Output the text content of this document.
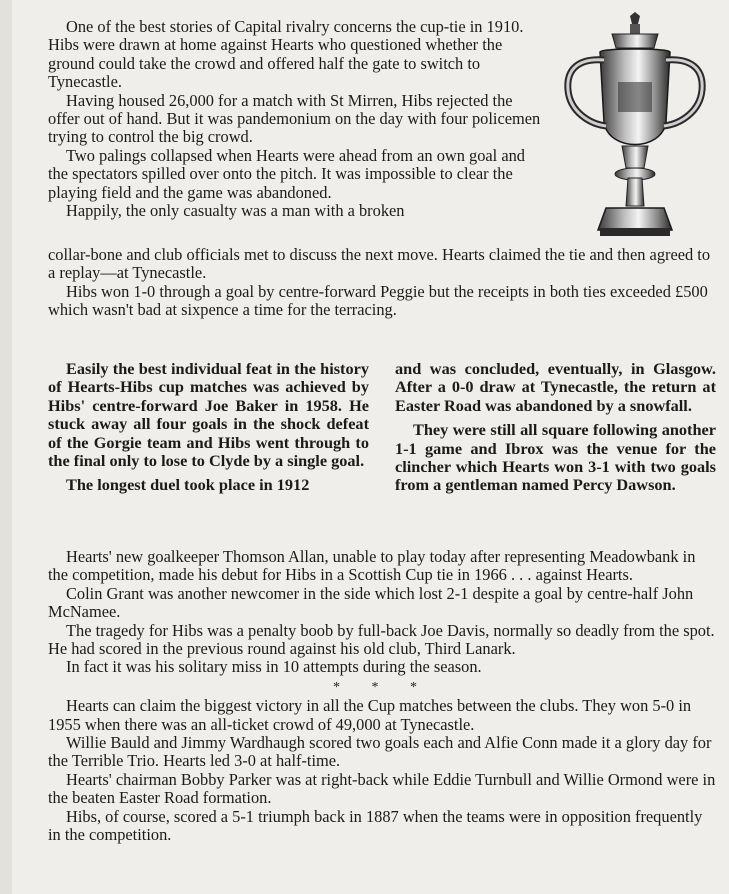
One of the best stories of Capital rivalry concerns the cup-tie in 1910. Hibs were drawn at home against Hearts who questioned whether the ground could take the crowd and offered half the gate to switch to Tynecastle.

Having housed 26,000 for a match with St Mirren, Hibs rejected the offer out of hand. But it was pandemonium on the day with four policemen trying to control the big crowd.

Two palings collapsed when Hearts were ahead from an own goal and the spectators spilled over onto the pitch. It was impossible to clear the playing field and the game was abandoned.

Happily, the only casualty was a man with a broken

collar-bone and club officials met to discuss the next move. Hearts claimed the tie and then agreed to a replay—at Tynecastle.

Hibs won 1-0 through a goal by centre-forward Peggie but the receipts in both ties exceeded £500 which wasn't bad at sixpence a time for the terracing.

Easily the best individual feat in the history of Hearts-Hibs cup matches was achieved by Hibs' centre-forward Joe Baker in 1958. He stuck away all four goals in the shock defeat of the Gorgie team and Hibs went through to the final only to lose to Clyde by a single goal.

The longest duel took place in 1912

and was concluded, eventually, in Glasgow. After a 0-0 draw at Tynecastle, the return at Easter Road was abandoned by a snowfall.

They were still all square following another 1-1 game and Ibrox was the venue for the clincher which Hearts won 3-1 with two goals from a gentleman named Percy Dawson.

Hearts' new goalkeeper Thomson Allan, unable to play today after representing Meadowbank in the competition, made his debut for Hibs in a Scottish Cup tie in 1966 . . . against Hearts.

Colin Grant was another newcomer in the side which lost 2-1 despite a goal by centre-half John McNamee.

The tragedy for Hibs was a penalty boob by full-back Joe Davis, normally so deadly from the spot. He had scored in the previous round against his old club, Third Lanark.

In fact it was his solitary miss in 10 attempts during the season.

* * *

Hearts can claim the biggest victory in all the Cup matches between the clubs. They won 5-0 in 1955 when there was an all-ticket crowd of 49,000 at Tynecastle.

Willie Bauld and Jimmy Wardhaugh scored two goals each and Alfie Conn made it a glory day for the Terrible Trio. Hearts led 3-0 at half-time.

Hearts' chairman Bobby Parker was at right-back while Eddie Turnbull and Willie Ormond were in the beaten Easter Road formation.

Hibs, of course, scored a 5-1 triumph back in 1887 when the teams were in opposition frequently in the competition.
